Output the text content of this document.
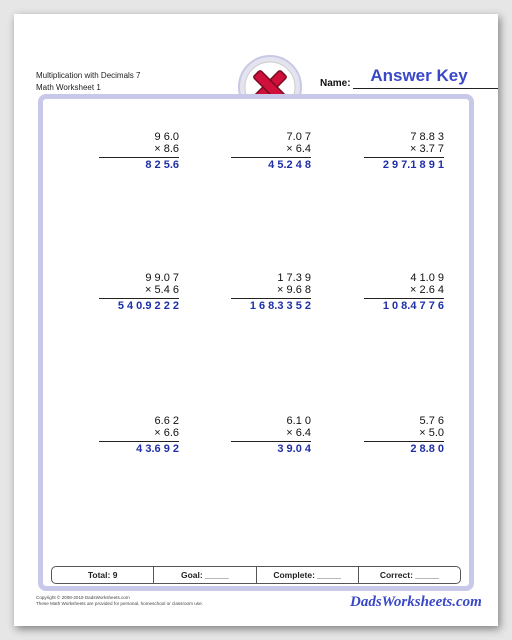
Multiplication with Decimals 7
Math Worksheet 1	Name:	Answer Key
9 6.0
× 8.6
8 2 5.6
7.0 7
× 6.4
4 5.2 4 8
7 8.8 3
× 3.7 7
2 9 7.1 8 9 1
9 9.0 7
× 5.4 6
5 4 0.9 2 2 2
1 7.3 9
× 9.6 8
1 6 8.3 3 5 2
4 1.0 9
× 2.6 4
1 0 8.4 7 7 6
6.6 2
× 6.6
4 3.6 9 2
6.1 0
× 6.4
3 9.0 4
5.7 6
× 5.0
2 8.8 0
Total: 9	Goal: _____	Complete: _____	Correct: _____
Copyright © 2008-2019 DadsWorksheets.com
These Math Worksheets are provided for personal, homeschool or classroom use.	DadsWorksheets.com
